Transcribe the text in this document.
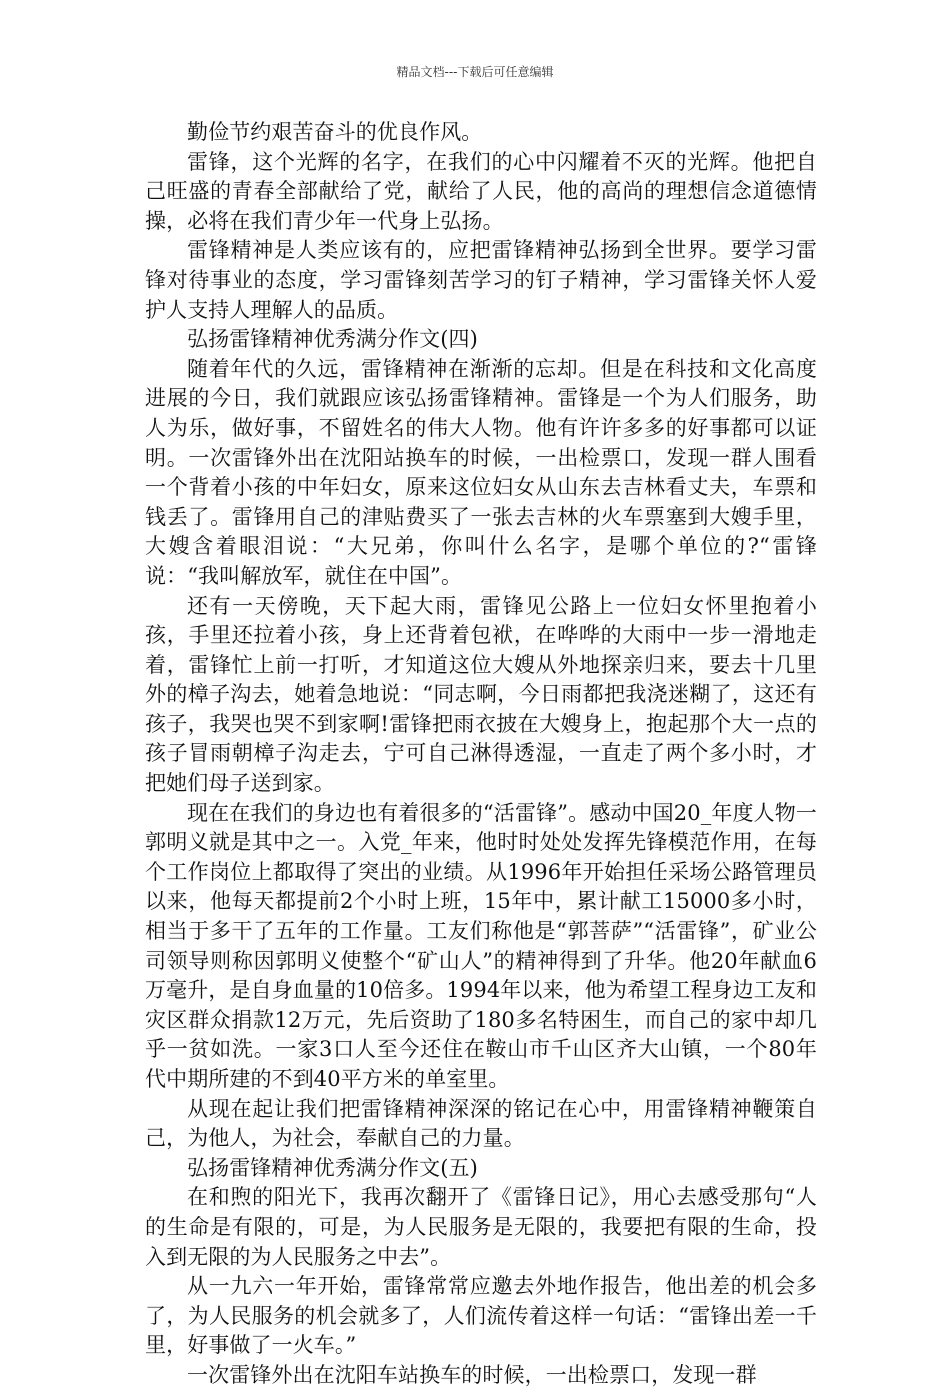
精品文档---下载后可任意编辑

勤俭节约艰苦奋斗的优良作风。

雷锋，这个光辉的名字，在我们的心中闪耀着不灭的光辉。他把自己旺盛的青春全部献给了党，献给了人民，他的高尚的理想信念道德情操，必将在我们青少年一代身上弘扬。

雷锋精神是人类应该有的，应把雷锋精神弘扬到全世界。要学习雷锋对待事业的态度，学习雷锋刻苦学习的钉子精神，学习雷锋关怀人爱护人支持人理解人的品质。

弘扬雷锋精神优秀满分作文(四)

随着年代的久远，雷锋精神在渐渐的忘却。但是在科技和文化高度进展的今日，我们就跟应该弘扬雷锋精神。雷锋是一个为人们服务，助人为乐，做好事，不留姓名的伟大人物。他有许许多多的好事都可以证明。一次雷锋外出在沈阳站换车的时候，一出检票口，发现一群人围看一个背着小孩的中年妇女，原来这位妇女从山东去吉林看丈夫，车票和钱丢了。雷锋用自己的津贴费买了一张去吉林的火车票塞到大嫂手里，大嫂含着眼泪说：“大兄弟，你叫什么名字，是哪个单位的?“雷锋说：“我叫解放军，就住在中国”。

还有一天傍晚，天下起大雨，雷锋见公路上一位妇女怀里抱着小孩，手里还拉着小孩，身上还背着包袱，在哗哗的大雨中一步一滑地走着，雷锋忙上前一打听，才知道这位大嫂从外地探亲归来，要去十几里外的樟子沟去，她着急地说：“同志啊，今日雨都把我浇迷糊了，这还有孩子，我哭也哭不到家啊!雷锋把雨衣披在大嫂身上，抱起那个大一点的孩子冒雨朝樟子沟走去，宁可自己淋得透湿，一直走了两个多小时，才把她们母子送到家。

现在在我们的身边也有着很多的“活雷锋”。感动中国20_年度人物一郭明义就是其中之一。入党_年来，他时时处处发挥先锋模范作用，在每个工作岗位上都取得了突出的业绩。从1996年开始担任采场公路管理员以来，他每天都提前2个小时上班，15年中，累计献工15000多小时，相当于多干了五年的工作量。工友们称他是“郭菩萨”“活雷锋”，矿业公司领导则称因郭明义使整个“矿山人”的精神得到了升华。他20年献血6万毫升，是自身血量的10倍多。1994年以来，他为希望工程身边工友和灾区群众捐款12万元，先后资助了180多名特困生，而自己的家中却几乎一贫如洗。一家3口人至今还住在鞍山市千山区齐大山镇，一个80年代中期所建的不到40平方米的单室里。

从现在起让我们把雷锋精神深深的铭记在心中，用雷锋精神鞭策自己，为他人，为社会，奉献自己的力量。

弘扬雷锋精神优秀满分作文(五)

在和煦的阳光下，我再次翻开了《雷锋日记》，用心去感受那句“人的生命是有限的，可是，为人民服务是无限的，我要把有限的生命，投入到无限的为人民服务之中去”。

从一九六一年开始，雷锋常常应邀去外地作报告，他出差的机会多了，为人民服务的机会就多了，人们流传着这样一句话：“雷锋出差一千里，好事做了一火车。”

一次雷锋外出在沈阳车站换车的时候，一出检票口，发现一群
